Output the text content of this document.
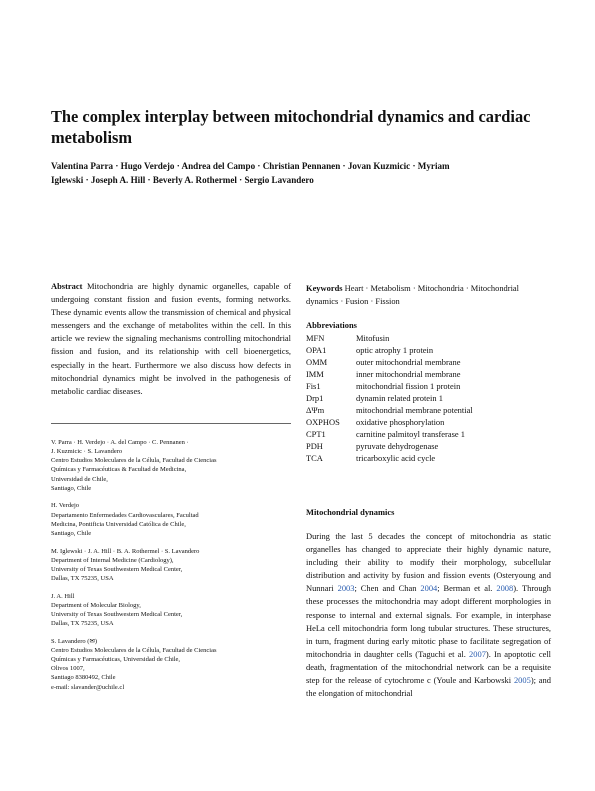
The complex interplay between mitochondrial dynamics and cardiac metabolism

Valentina Parra · Hugo Verdejo · Andrea del Campo · Christian Pennanen · Jovan Kuzmicic · Myriam Iglewski · Joseph A. Hill · Beverly A. Rothermel · Sergio Lavandero

Abstract Mitochondria are highly dynamic organelles, capable of undergoing constant fission and fusion events, forming networks. These dynamic events allow the transmission of chemical and physical messengers and the exchange of metabolites within the cell. In this article we review the signaling mechanisms controlling mitochondrial fission and fusion, and its relationship with cell bioenergetics, especially in the heart. Furthermore we also discuss how defects in mitochondrial dynamics might be involved in the pathogenesis of metabolic cardiac diseases.

V. Parra · H. Verdejo · A. del Campo · C. Pennanen ·
J. Kuzmicic · S. Lavandero
Centro Estudios Moleculares de la Célula, Facultad de Ciencias
Químicas y Farmacéuticas & Facultad de Medicina,
Universidad de Chile,
Santiago, Chile
H. Verdejo
Departamento Enfermedades Cardiovasculares, Facultad
Medicina, Pontificia Universidad Católica de Chile,
Santiago, Chile
M. Iglewski · J. A. Hill · B. A. Rothermel · S. Lavandero
Department of Internal Medicine (Cardiology),
University of Texas Southwestern Medical Center,
Dallas, TX 75235, USA
J. A. Hill
Department of Molecular Biology,
University of Texas Southwestern Medical Center,
Dallas, TX 75235, USA
S. Lavandero (✉)
Centro Estudios Moleculares de la Célula, Facultad de Ciencias
Químicas y Farmacéuticas, Universidad de Chile,
Olivos 1007,
Santiago 8380492, Chile
e-mail: slavander@uchile.cl

Keywords Heart · Metabolism · Mitochondria · Mitochondrial dynamics · Fusion · Fission

Abbreviations

MFN	Mitofusin
OPA1	optic atrophy 1 protein
OMM	outer mitochondrial membrane
IMM	inner mitochondrial membrane
Fis1	mitochondrial fission 1 protein
Drp1	dynamin related protein 1
ΔΨm	mitochondrial membrane potential
OXPHOS	oxidative phosphorylation
CPT1	carnitine palmitoyl transferase 1
PDH	pyruvate dehydrogenase
TCA	tricarboxylic acid cycle

Mitochondrial dynamics

During the last 5 decades the concept of mitochondria as static organelles has changed to appreciate their highly dynamic nature, including their ability to modify their morphology, subcellular distribution and activity by fusion and fission events (Osteryoung and Nunnari 2003; Chen and Chan 2004; Berman et al. 2008). Through these processes the mitochondria may adopt different morphologies in response to internal and external signals. For example, in interphase HeLa cell mitochondria form long tubular structures. These structures, in turn, fragment during early mitotic phase to facilitate segregation of mitochondria in daughter cells (Taguchi et al. 2007). In apoptotic cell death, fragmentation of the mitochondrial network can be a requisite step for the release of cytochrome c (Youle and Karbowski 2005); and the elongation of mitochondrial
